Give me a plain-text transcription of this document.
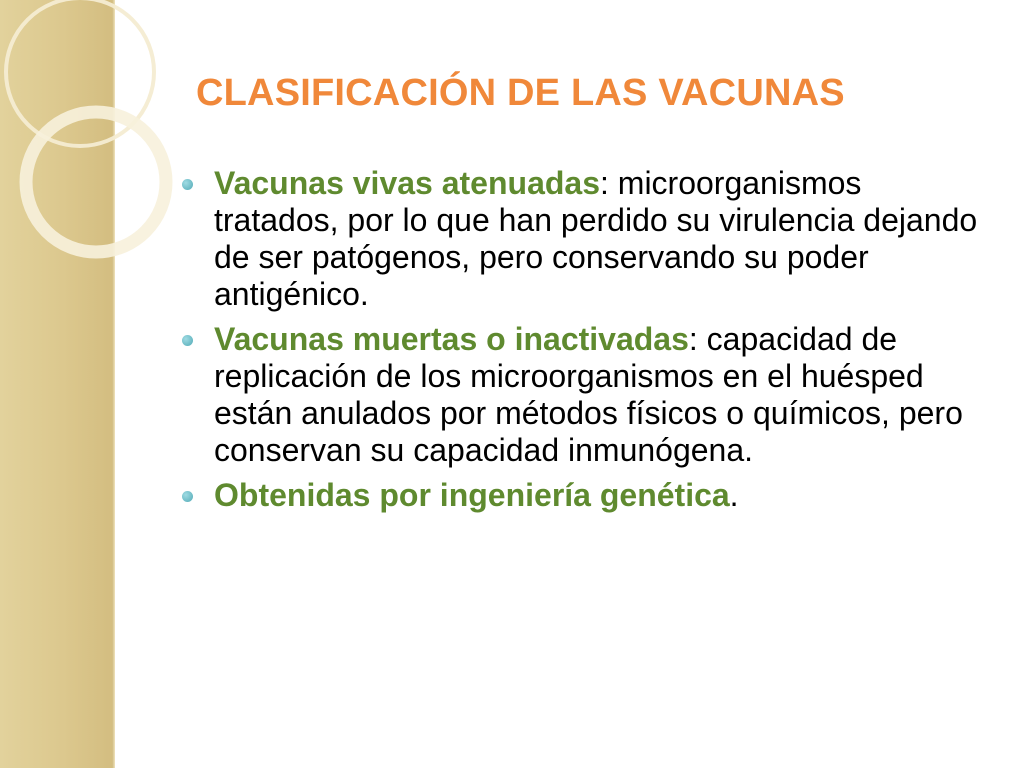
CLASIFICACIÓN DE LAS VACUNAS
Vacunas vivas atenuadas: microorganismos tratados, por lo que han perdido su virulencia dejando de ser patógenos, pero conservando su poder antigénico.
Vacunas muertas o inactivadas: capacidad de replicación de los microorganismos en el huésped están anulados por métodos físicos o químicos, pero conservan su capacidad inmunógena.
Obtenidas por ingeniería genética.
